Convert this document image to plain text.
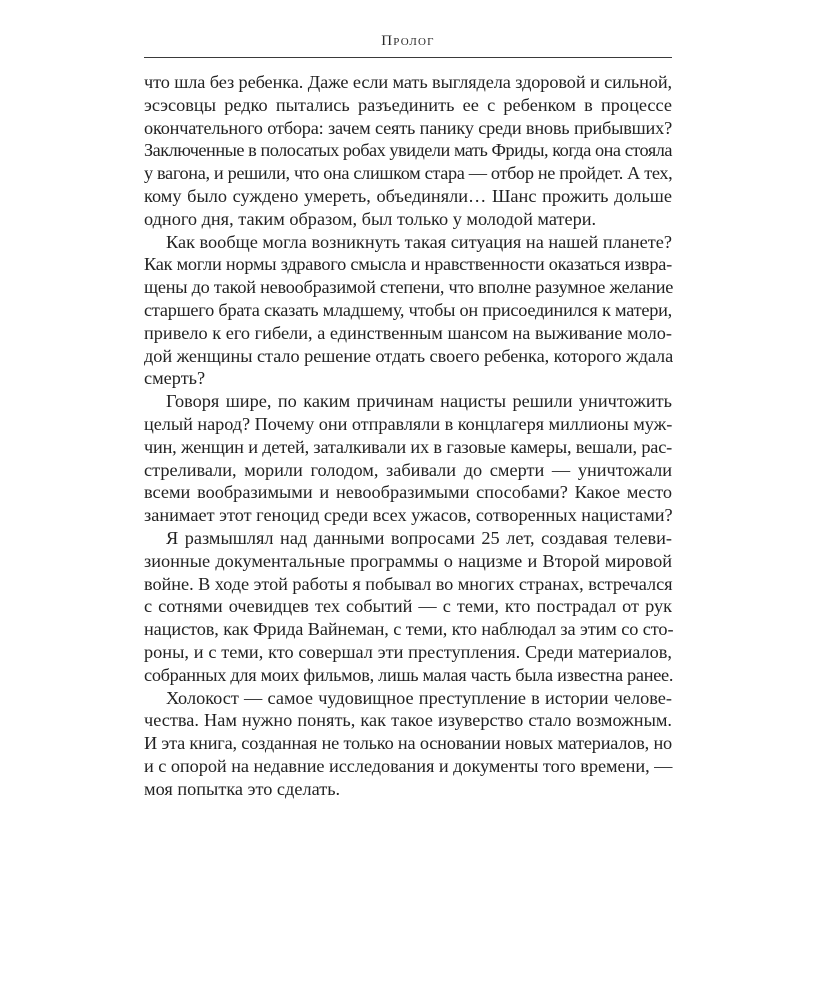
Пролог

что шла без ребенка. Даже если мать выглядела здоровой и сильной,
эсэсовцы редко пытались разъединить ее с ребенком в процессе
окончательного отбора: зачем сеять панику среди вновь прибывших?
Заключенные в полосатых робах увидели мать Фриды, когда она стояла
у вагона, и решили, что она слишком стара — отбор не пройдет. А тех,
кому было суждено умереть, объединяли… Шанс прожить дольше
одного дня, таким образом, был только у молодой матери.

Как вообще могла возникнуть такая ситуация на нашей планете?
Как могли нормы здравого смысла и нравственности оказаться извра-
щены до такой невообразимой степени, что вполне разумное желание
старшего брата сказать младшему, чтобы он присоединился к матери,
привело к его гибели, а единственным шансом на выживание моло-
дой женщины стало решение отдать своего ребенка, которого ждала
смерть?

Говоря шире, по каким причинам нацисты решили уничтожить
целый народ? Почему они отправляли в концлагеря миллионы муж-
чин, женщин и детей, заталкивали их в газовые камеры, вешали, рас-
стреливали, морили голодом, забивали до смерти — уничтожали
всеми вообразимыми и невообразимыми способами? Какое место
занимает этот геноцид среди всех ужасов, сотворенных нацистами?

Я размышлял над данными вопросами 25 лет, создавая телеви-
зионные документальные программы о нацизме и Второй мировой
войне. В ходе этой работы я побывал во многих странах, встречался
с сотнями очевидцев тех событий — с теми, кто пострадал от рук
нацистов, как Фрида Вайнеман, с теми, кто наблюдал за этим со сто-
роны, и с теми, кто совершал эти преступления. Среди материалов,
собранных для моих фильмов, лишь малая часть была известна ранее.

Холокост — самое чудовищное преступление в истории челове-
чества. Нам нужно понять, как такое изуверство стало возможным.
И эта книга, созданная не только на основании новых материалов, но
и с опорой на недавние исследования и документы того времени, —
моя попытка это сделать.
